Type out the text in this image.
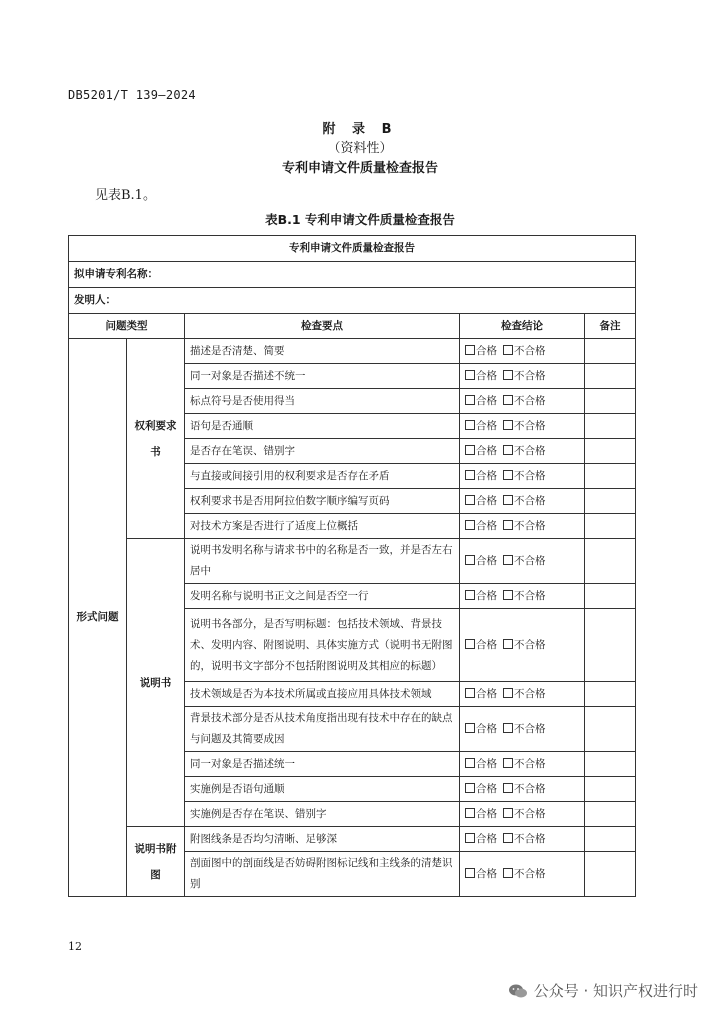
DB5201/T 139—2024
附 录 B
（资料性）
专利申请文件质量检查报告
见表B.1。
表B.1 专利申请文件质量检查报告
专利申请文件质量检查报告				
拟申请专利名称：				
发明人：				
问题类型		检查要点	检查结论	备注
形式问题	权利要求书	描述是否清楚、简要	合格 不合格	
		同一对象是否描述不统一	合格 不合格	
		标点符号是否使用得当	合格 不合格	
		语句是否通顺	合格 不合格	
		是否存在笔误、错别字	合格 不合格	
		与直接或间接引用的权利要求是否存在矛盾	合格 不合格	
		权利要求书是否用阿拉伯数字顺序编写页码	合格 不合格	
		对技术方案是否进行了适度上位概括	合格 不合格	
	说明书	说明书发明名称与请求书中的名称是否一致，并是否左右居中	合格 不合格	
		发明名称与说明书正文之间是否空一行	合格 不合格	
		说明书各部分，是否写明标题：包括技术领域、背景技术、发明内容、附图说明、具体实施方式（说明书无附图的，说明书文字部分不包括附图说明及其相应的标题）	合格 不合格	
		技术领域是否为本技术所属或直接应用具体技术领域	合格 不合格	
		背景技术部分是否从技术角度指出现有技术中存在的缺点与问题及其简要成因	合格 不合格	
		同一对象是否描述统一	合格 不合格	
		实施例是否语句通顺	合格 不合格	
		实施例是否存在笔误、错别字	合格 不合格	
	说明书附图	附图线条是否均匀清晰、足够深	合格 不合格	
		剖面图中的剖面线是否妨碍附图标记线和主线条的清楚识别	合格 不合格	
12
公众号 · 知识产权进行时
